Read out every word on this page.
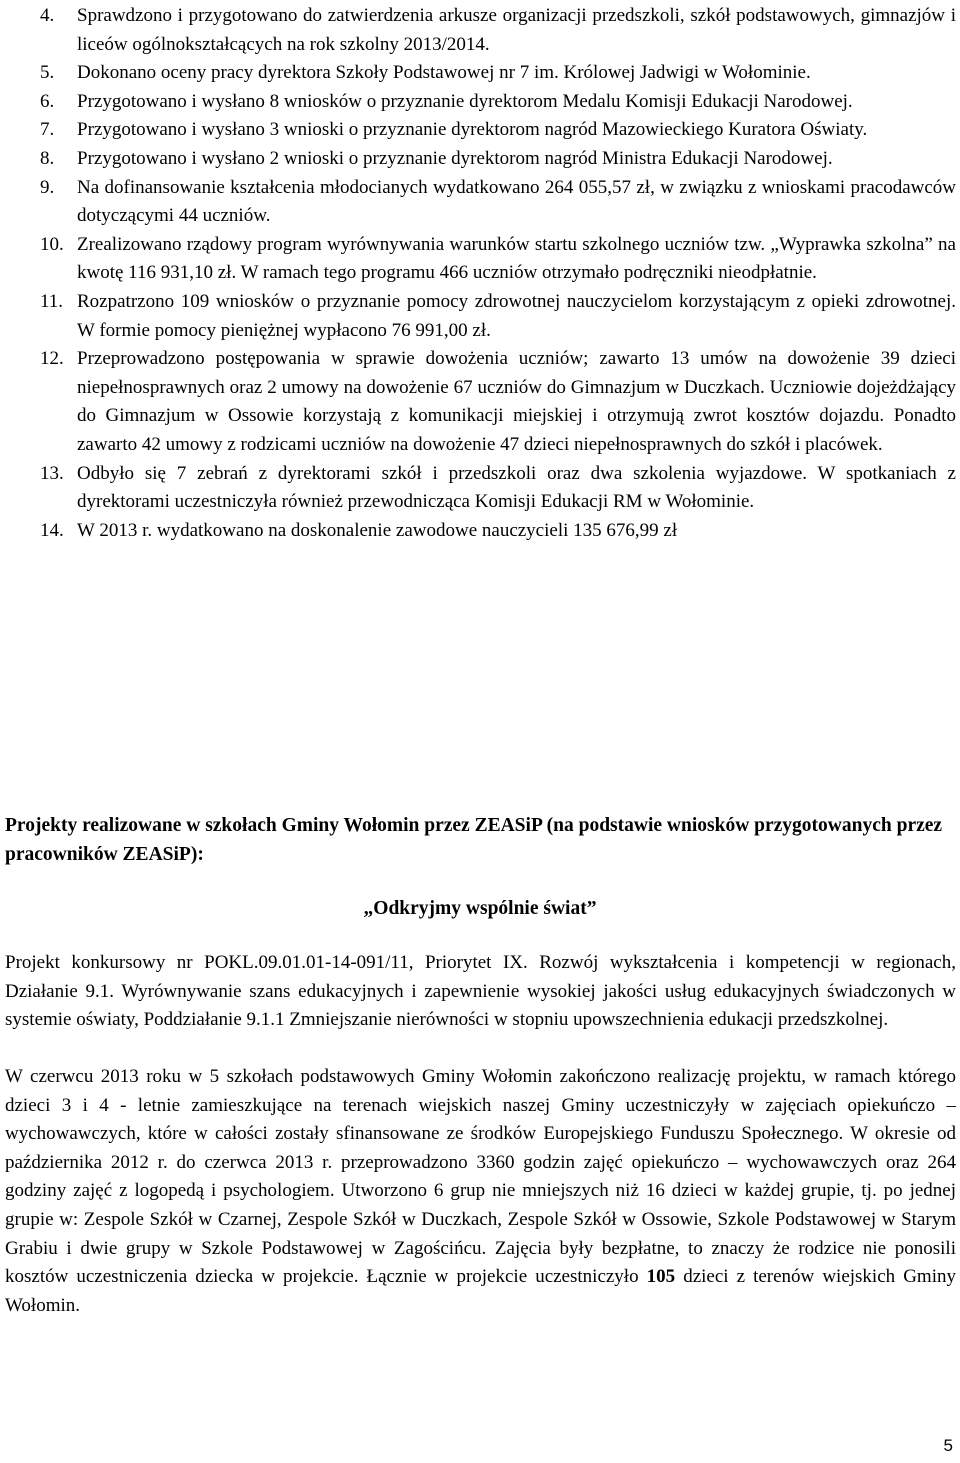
4. Sprawdzono i przygotowano do zatwierdzenia arkusze organizacji przedszkoli, szkół podstawowych, gimnazjów i liceów ogólnokształcących na rok szkolny 2013/2014.
5. Dokonano oceny pracy dyrektora Szkoły Podstawowej nr 7 im. Królowej Jadwigi w Wołominie.
6. Przygotowano i wysłano 8 wniosków o przyznanie dyrektorom Medalu Komisji Edukacji Narodowej.
7. Przygotowano i wysłano 3 wnioski o przyznanie dyrektorom nagród Mazowieckiego Kuratora Oświaty.
8. Przygotowano i wysłano 2 wnioski o przyznanie dyrektorom nagród Ministra Edukacji Narodowej.
9. Na dofinansowanie kształcenia młodocianych wydatkowano 264 055,57 zł, w związku z wnioskami pracodawców dotyczącymi 44 uczniów.
10. Zrealizowano rządowy program wyrównywania warunków startu szkolnego uczniów tzw. „Wyprawka szkolna” na kwotę 116 931,10 zł. W ramach tego programu 466 uczniów otrzymało podręczniki nieodpłatnie.
11. Rozpatrzono 109 wniosków o przyznanie pomocy zdrowotnej nauczycielom korzystającym z opieki zdrowotnej. W formie pomocy pieniężnej wypłacono 76 991,00 zł.
12. Przeprowadzono postępowania w sprawie dowożenia uczniów; zawarto 13 umów na dowożenie 39 dzieci niepełnosprawnych oraz 2 umowy na dowożenie 67 uczniów do Gimnazjum w Duczkach. Uczniowie dojeżdżający do Gimnazjum w Ossowie korzystają z komunikacji miejskiej i otrzymują zwrot kosztów dojazdu. Ponadto zawarto 42 umowy z rodzicami uczniów na dowożenie 47 dzieci niepełnosprawnych do szkół i placówek.
13. Odbyło się 7 zebrań z dyrektorami szkół i przedszkoli oraz dwa szkolenia wyjazdowe. W spotkaniach z dyrektorami uczestniczyła również przewodnicząca Komisji Edukacji RM w Wołominie.
14. W 2013 r. wydatkowano na doskonalenie zawodowe nauczycieli 135 676,99 zł
Projekty realizowane w szkołach Gminy Wołomin przez ZEASiP (na podstawie wniosków przygotowanych przez pracowników ZEASiP):
„Odkryjmy wspólnie świat”

Projekt konkursowy nr POKL.09.01.01-14-091/11, Priorytet IX. Rozwój wykształcenia i kompetencji w regionach, Działanie 9.1. Wyrównywanie szans edukacyjnych i zapewnienie wysokiej jakości usług edukacyjnych świadczonych w systemie oświaty, Poddziałanie 9.1.1 Zmniejszanie nierówności w stopniu upowszechnienia edukacji przedszkolnej.

W czerwcu 2013 roku w 5 szkołach podstawowych Gminy Wołomin zakończono realizację projektu, w ramach którego dzieci 3 i 4 - letnie zamieszkujące na terenach wiejskich naszej Gminy uczestniczyły w zajęciach opiekuńczo – wychowawczych, które w całości zostały sfinansowane ze środków Europejskiego Funduszu Społecznego. W okresie od października 2012 r. do czerwca 2013 r. przeprowadzono 3360 godzin zajęć opiekuńczo – wychowawczych oraz 264 godziny zajęć z logopedą i psychologiem. Utworzono 6 grup nie mniejszych niż 16 dzieci w każdej grupie, tj. po jednej grupie w: Zespole Szkół w Czarnej, Zespole Szkół w Duczkach, Zespole Szkół w Ossowie, Szkole Podstawowej w Starym Grabiu i dwie grupy w Szkole Podstawowej w Zagościńcu. Zajęcia były bezpłatne, to znaczy że rodzice nie ponosili kosztów uczestniczenia dziecka w projekcie. Łącznie w projekcie uczestniczyło 105 dzieci z terenów wiejskich Gminy Wołomin.

5
